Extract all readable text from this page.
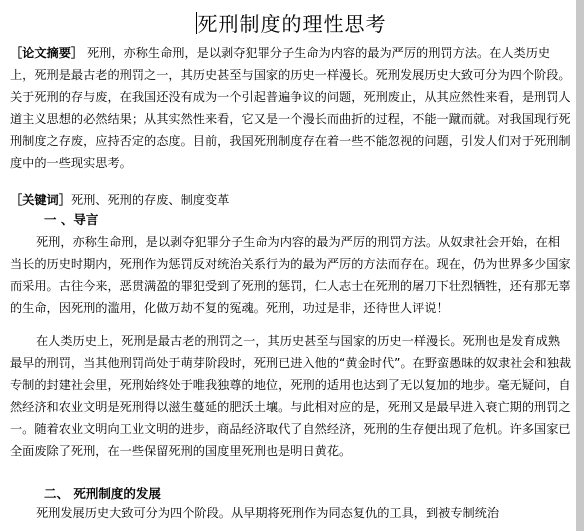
死刑制度的理性思考

［论文摘要］ 死刑，亦称生命刑，是以剥夺犯罪分子生命为内容的最为严厉的刑罚方法。在人类历史上，死刑是最古老的刑罚之一，其历史甚至与国家的历史一样漫长。死刑发展历史大致可分为四个阶段。关于死刑的存与废，在我国还没有成为一个引起普遍争议的问题，死刑废止，从其应然性来看，是刑罚人道主义思想的必然结果；从其实然性来看，它又是一个漫长而曲折的过程，不能一蹴而就。对我国现行死刑制度之存废，应持否定的态度。目前，我国死刑制度存在着一些不能忽视的问题，引发人们对于死刑制度中的一些现实思考。

［关键词］死刑、死刑的存废、制度变革

一 、导言

死刑，亦称生命刑，是以剥夺犯罪分子生命为内容的最为严厉的刑罚方法。从奴隶社会开始，在相当长的历史时期内，死刑作为惩罚反对统治关系行为的最为严厉的方法而存在。现在，仍为世界多少国家而采用。古往今来，恶贯满盈的罪犯受到了死刑的惩罚，仁人志士在死刑的屠刀下壮烈牺牲，还有那无辜的生命，因死刑的滥用，化做万劫不复的冤魂。死刑，功过是非，还待世人评说！

在人类历史上，死刑是最古老的刑罚之一，其历史甚至与国家的历史一样漫长。死刑也是发育成熟最早的刑罚，当其他刑罚尚处于萌芽阶段时，死刑已进入他的“黄金时代”。在野蛮愚昧的奴隶社会和独裁专制的封建社会里，死刑始终处于唯我独尊的地位，死刑的适用也达到了无以复加的地步。毫无疑问，自然经济和农业文明是死刑得以滋生蔓延的肥沃土壤。与此相对应的是，死刑又是最早进入衰亡期的刑罚之一。随着农业文明向工业文明的进步，商品经济取代了自然经济，死刑的生存便出现了危机。许多国家已全面废除了死刑，在一些保留死刑的国度里死刑也是明日黄花。

二、 死刑制度的发展

死刑发展历史大致可分为四个阶段。从早期将死刑作为同态复仇的工具，到被专制统治
